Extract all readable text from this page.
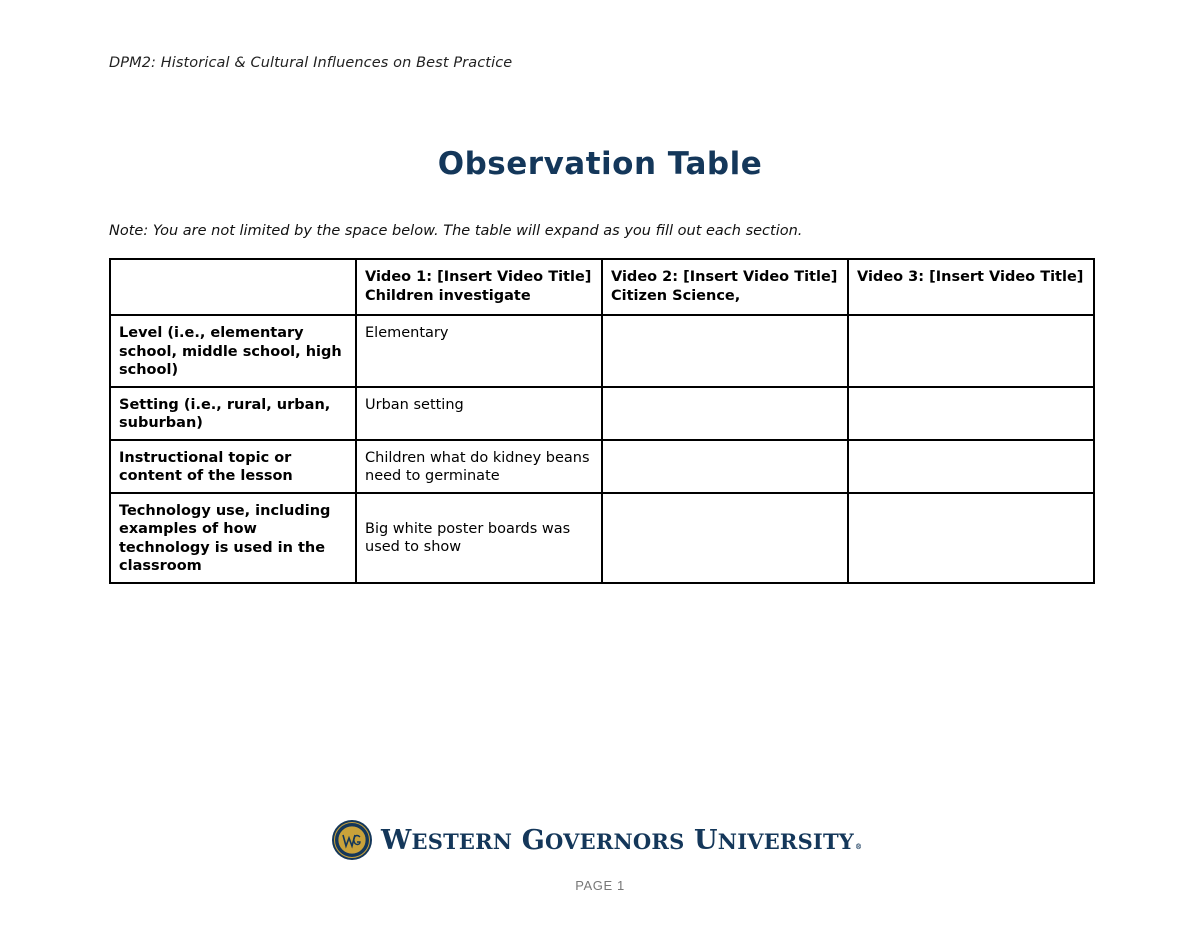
DPM2: Historical & Cultural Influences on Best Practice
Observation Table
Note: You are not limited by the space below. The table will expand as you fill out each section.
	Video 1: [Insert Video Title] Children investigate	Video 2: [Insert Video Title] Citizen Science,	Video 3: [Insert Video Title]
Level (i.e., elementary school, middle school, high school)	Elementary		
Setting (i.e., rural, urban, suburban)	Urban setting		
Instructional topic or content of the lesson	Children what do kidney beans need to germinate		
Technology use, including examples of how technology is used in the classroom	Big white poster boards was used to show		

WESTERN GOVERNORS UNIVERSITY®
PAGE 1
